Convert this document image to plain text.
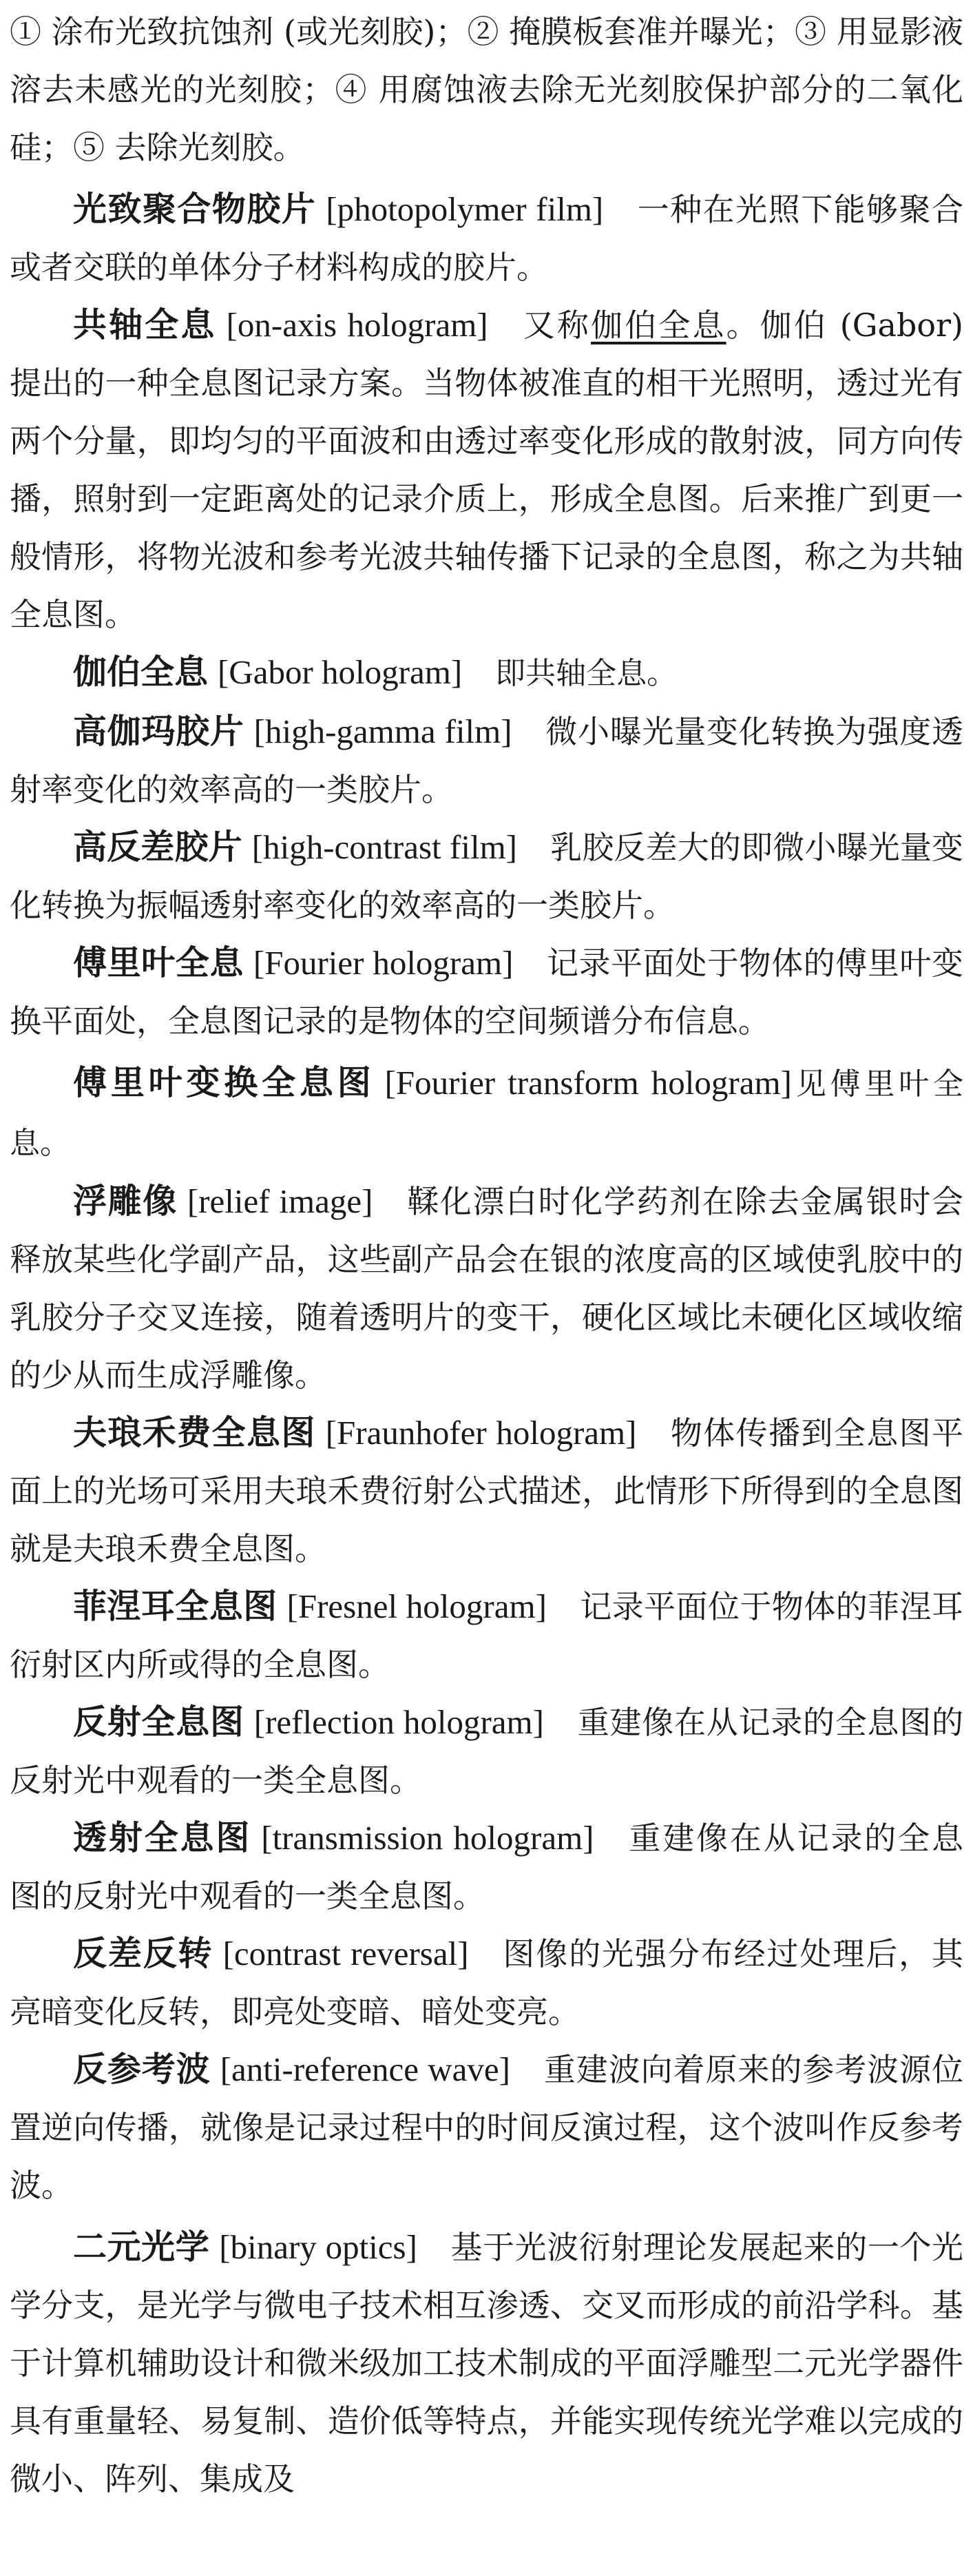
① 涂布光致抗蚀剂 (或光刻胶)；② 掩膜板套准并曝光；③ 用显影液溶去未感光的光刻胶；④ 用腐蚀液去除无光刻胶保护部分的二氧化硅；⑤ 去除光刻胶。

光致聚合物胶片 [photopolymer film] 一种在光照下能够聚合或者交联的单体分子材料构成的胶片。

共轴全息 [on-axis hologram] 又称伽伯全息。伽伯 (Gabor) 提出的一种全息图记录方案。当物体被准直的相干光照明，透过光有两个分量，即均匀的平面波和由透过率变化形成的散射波，同方向传播，照射到一定距离处的记录介质上，形成全息图。后来推广到更一般情形，将物光波和参考光波共轴传播下记录的全息图，称之为共轴全息图。

伽伯全息 [Gabor hologram] 即共轴全息。

高伽玛胶片 [high-gamma film] 微小曝光量变化转换为强度透射率变化的效率高的一类胶片。

高反差胶片 [high-contrast film] 乳胶反差大的即微小曝光量变化转换为振幅透射率变化的效率高的一类胶片。

傅里叶全息 [Fourier hologram] 记录平面处于物体的傅里叶变换平面处，全息图记录的是物体的空间频谱分布信息。

傅里叶变换全息图 [Fourier transform hologram]见傅里叶全息。

浮雕像 [relief image] 鞣化漂白时化学药剂在除去金属银时会释放某些化学副产品，这些副产品会在银的浓度高的区域使乳胶中的乳胶分子交叉连接，随着透明片的变干，硬化区域比未硬化区域收缩的少从而生成浮雕像。

夫琅禾费全息图 [Fraunhofer hologram] 物体传播到全息图平面上的光场可采用夫琅禾费衍射公式描述，此情形下所得到的全息图就是夫琅禾费全息图。

菲涅耳全息图 [Fresnel hologram] 记录平面位于物体的菲涅耳衍射区内所或得的全息图。

反射全息图 [reflection hologram] 重建像在从记录的全息图的反射光中观看的一类全息图。

透射全息图 [transmission hologram] 重建像在从记录的全息图的反射光中观看的一类全息图。

反差反转 [contrast reversal] 图像的光强分布经过处理后，其亮暗变化反转，即亮处变暗、暗处变亮。

反参考波 [anti-reference wave] 重建波向着原来的参考波源位置逆向传播，就像是记录过程中的时间反演过程，这个波叫作反参考波。

二元光学 [binary optics] 基于光波衍射理论发展起来的一个光学分支，是光学与微电子技术相互渗透、交叉而形成的前沿学科。基于计算机辅助设计和微米级加工技术制成的平面浮雕型二元光学器件具有重量轻、易复制、造价低等特点，并能实现传统光学难以完成的微小、阵列、集成及
